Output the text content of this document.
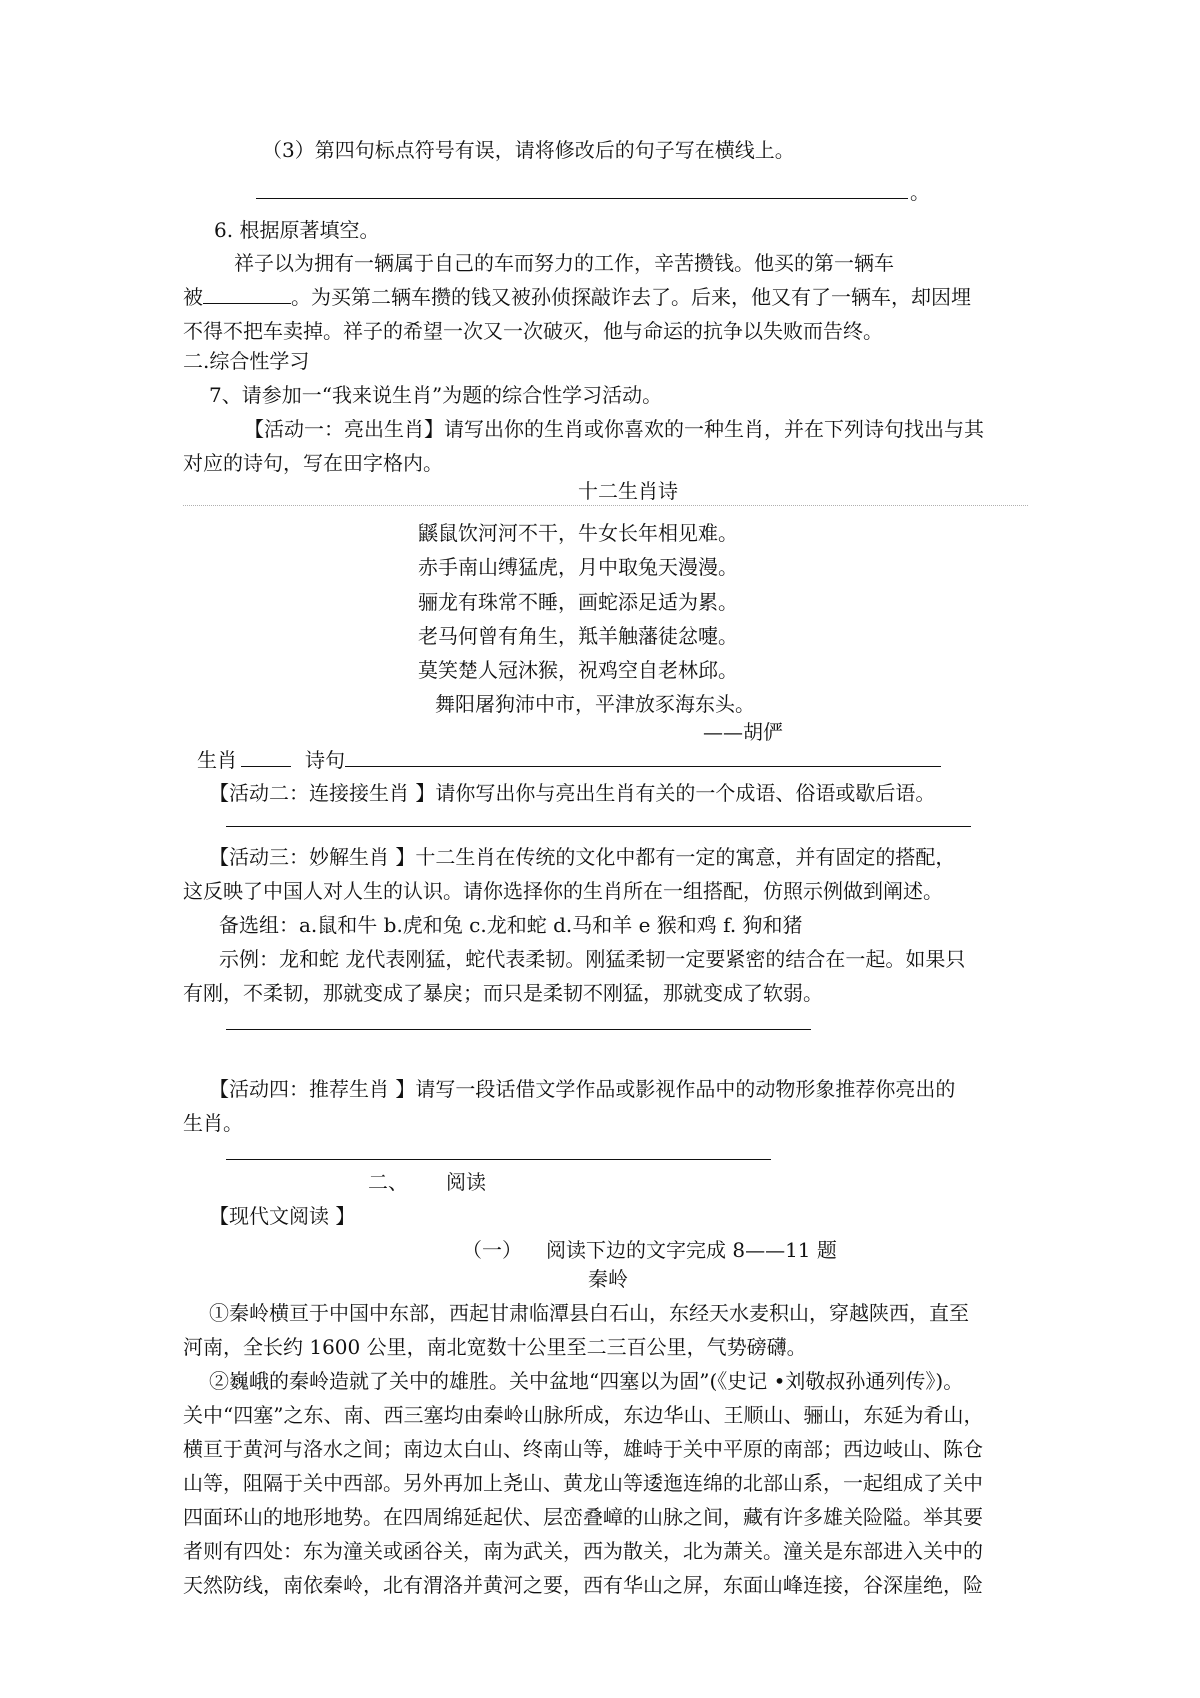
（3）第四句标点符号有误，请将修改后的句子写在横线上。
。
6. 根据原著填空。
祥子以为拥有一辆属于自己的车而努力的工作，辛苦攒钱。他买的第一辆车
被	。为买第二辆车攒的钱又被孙侦探敲诈去了。后来，他又有了一辆车，却因埋
不得不把车卖掉。祥子的希望一次又一次破灭，他与命运的抗争以失败而告终。
二.综合性学习
7、请参加一“我来说生肖”为题的综合性学习活动。
【活动一：亮出生肖】请写出你的生肖或你喜欢的一种生肖，并在下列诗句找出与其
对应的诗句，写在田字格内。
十二生肖诗
鼷鼠饮河河不干，牛女长年相见难。
赤手南山缚猛虎，月中取兔天漫漫。
骊龙有珠常不睡，画蛇添足适为累。
老马何曾有角生，羝羊触藩徒忿嚏。
莫笑楚人冠沐猴，祝鸡空自老林邱。
舞阳屠狗沛中市，平津放豕海东头。
——胡俨
生肖	诗句
【活动二：连接接生肖 】请你写出你与亮出生肖有关的一个成语、俗语或歇后语。
【活动三：妙解生肖 】十二生肖在传统的文化中都有一定的寓意，并有固定的搭配，
这反映了中国人对人生的认识。请你选择你的生肖所在一组搭配，仿照示例做到阐述。
备选组：a.鼠和牛 b.虎和兔 c.龙和蛇 d.马和羊 e 猴和鸡 f. 狗和猪
示例：龙和蛇 龙代表刚猛，蛇代表柔韧。刚猛柔韧一定要紧密的结合在一起。如果只
有刚，不柔韧，那就变成了暴戾；而只是柔韧不刚猛，那就变成了软弱。
【活动四：推荐生肖 】请写一段话借文学作品或影视作品中的动物形象推荐你亮出的
生肖。
二、 阅读
【现代文阅读 】
（一） 阅读下边的文字完成 8——11 题
秦岭
①秦岭横亘于中国中东部，西起甘肃临潭县白石山，东经天水麦积山，穿越陕西，直至
河南，全长约 1600 公里，南北宽数十公里至二三百公里，气势磅礴。
②巍峨的秦岭造就了关中的雄胜。关中盆地“四塞以为固”(《史记 •刘敬叔孙通列传》)。
关中“四塞”之东、南、西三塞均由秦岭山脉所成，东边华山、王顺山、骊山，东延为肴山，
横亘于黄河与洛水之间；南边太白山、终南山等，雄峙于关中平原的南部；西边岐山、陈仓
山等，阻隔于关中西部。另外再加上尧山、黄龙山等逶迤连绵的北部山系，一起组成了关中
四面环山的地形地势。在四周绵延起伏、层峦叠嶂的山脉之间，藏有许多雄关险隘。举其要
者则有四处：东为潼关或函谷关，南为武关，西为散关，北为萧关。潼关是东部进入关中的
天然防线，南依秦岭，北有渭洛并黄河之要，西有华山之屏，东面山峰连接，谷深崖绝，险
